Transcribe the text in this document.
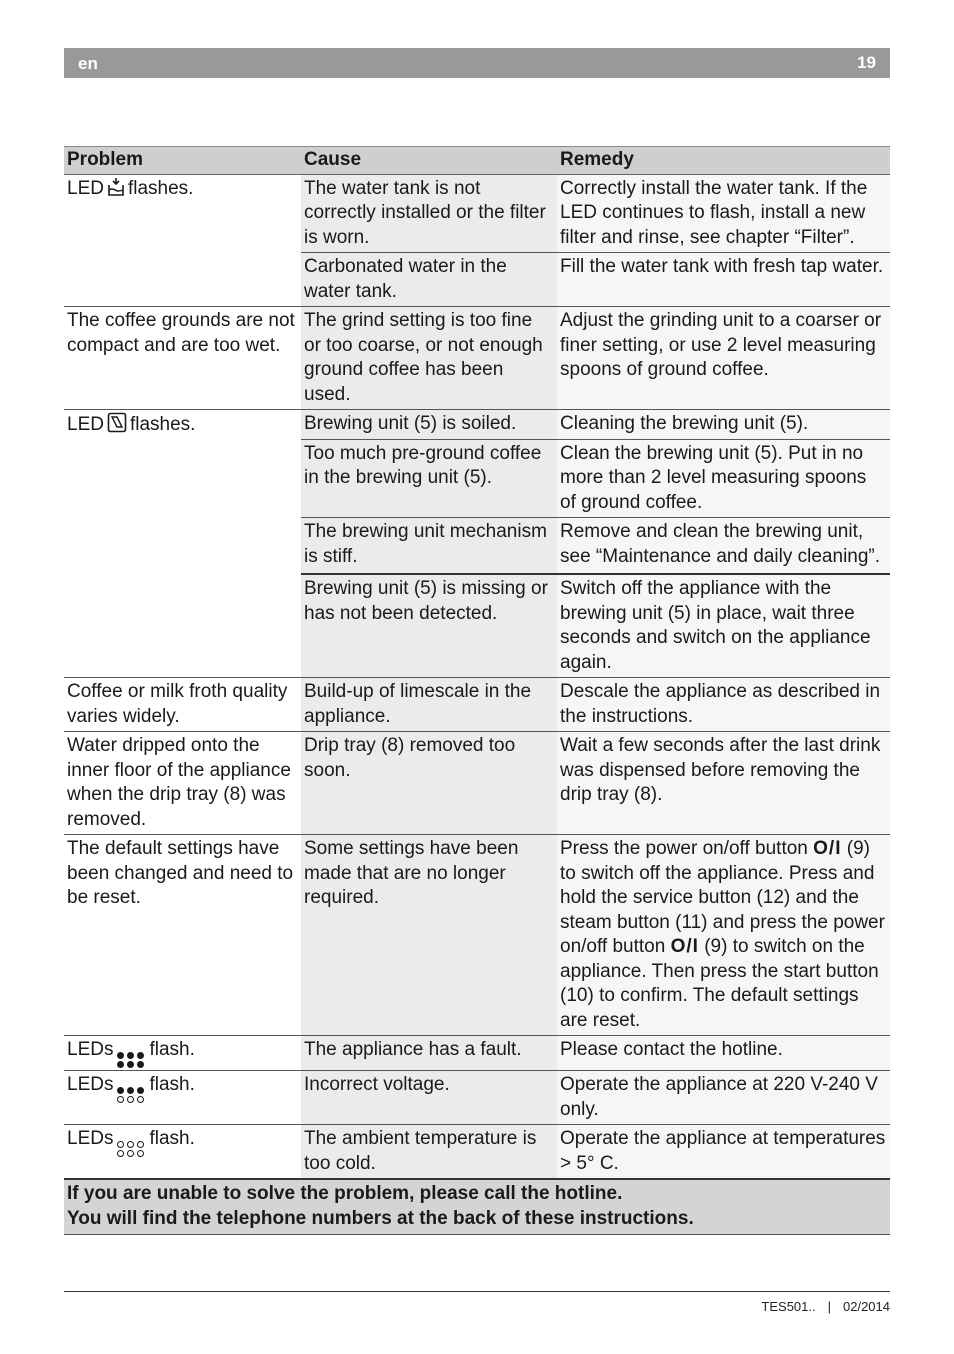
en	19
Problem	Cause	Remedy
LED flashes.	The water tank is not correctly installed or the filter is worn.	Correctly install the water tank. If the LED continues to flash, install a new filter and rinse, see chapter “Filter”.
	Carbonated water in the water tank.	Fill the water tank with fresh tap water.
The coffee grounds are not compact and are too wet.	The grind setting is too fine or too coarse, or not enough ground coffee has been used.	Adjust the grinding unit to a coarser or finer setting, or use 2 level measuring spoons of ground coffee.
LED flashes.	Brewing unit (5) is soiled.	Cleaning the brewing unit (5).
	Too much pre-ground coffee in the brewing unit (5).	Clean the brewing unit (5). Put in no more than 2 level measuring spoons of ground coffee.
	The brewing unit mechanism is stiff.	Remove and clean the brewing unit, see “Maintenance and daily cleaning”.
	Brewing unit (5) is missing or has not been detected.	Switch off the appliance with the brewing unit (5) in place, wait three seconds and switch on the appliance again.
Coffee or milk froth quality varies widely.	Build-up of limescale in the appliance.	Descale the appliance as described in the instructions.
Water dripped onto the inner floor of the appliance when the drip tray (8) was removed.	Drip tray (8) removed too soon.	Wait a few seconds after the last drink was dispensed before removing the drip tray (8).
The default settings have been changed and need to be reset.	Some settings have been made that are no longer required.	Press the power on/off button O/I (9) to switch off the appliance. Press and hold the service button (12) and the steam button (11) and press the power on/off button O/I (9) to switch on the appliance. Then press the start button (10) to confirm. The default settings are reset.
LEDs flash.	The appliance has a fault.	Please contact the hotline.
LEDs flash.	Incorrect voltage.	Operate the appliance at 220 V-240 V only.
LEDs flash.	The ambient temperature is too cold.	Operate the appliance at temperatures > 5° C.

If you are unable to solve the problem, please call the hotline.
You will find the telephone numbers at the back of these instructions.		
TES501.. | 02/2014
